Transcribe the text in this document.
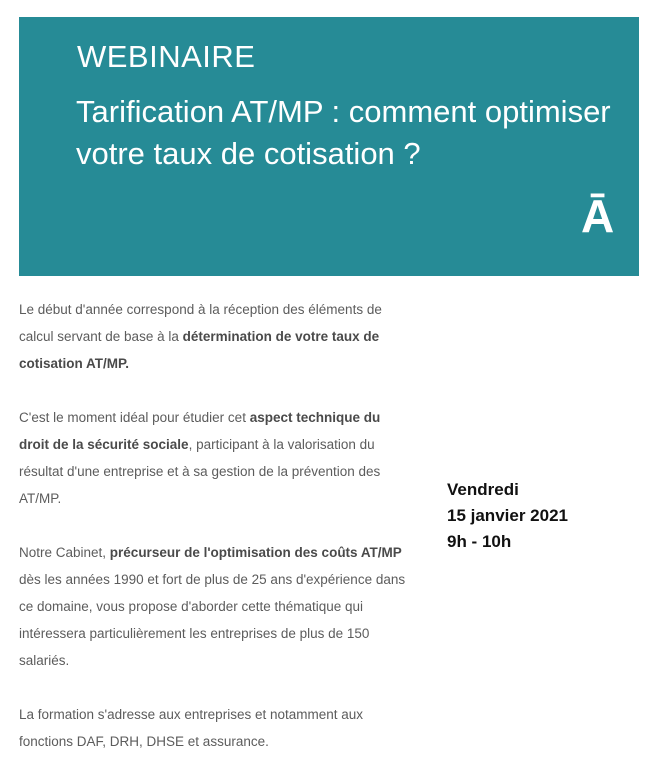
WEBINAIRE
Tarification AT/MP : comment optimiser votre taux de cotisation ?
Ā

Le début d'année correspond à la réception des éléments de calcul servant de base à la détermination de votre taux de cotisation AT/MP.

C'est le moment idéal pour étudier cet aspect technique du droit de la sécurité sociale, participant à la valorisation du résultat d'une entreprise et à sa gestion de la prévention des AT/MP.

Notre Cabinet, précurseur de l'optimisation des coûts AT/MP dès les années 1990 et fort de plus de 25 ans d'expérience dans ce domaine, vous propose d'aborder cette thématique qui intéressera particulièrement les entreprises de plus de 150 salariés.

La formation s'adresse aux entreprises et notamment aux fonctions DAF, DRH, DHSE et assurance.

Vendredi
15 janvier 2021
9h - 10h
